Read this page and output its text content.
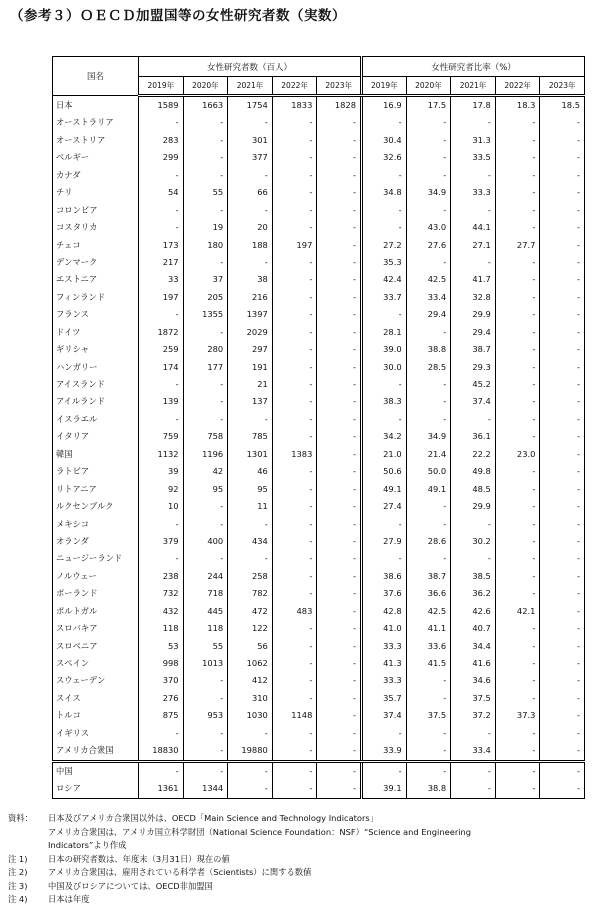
（参考３）ＯＥＣＤ加盟国等の女性研究者数（実数）
国名	女性研究者数（百人）					女性研究者比率（%）				
	2019年	2020年	2021年	2022年	2023年	2019年	2020年	2021年	2022年	2023年
日本	1589	1663	1754	1833	1828	16.9	17.5	17.8	18.3	18.5
オーストラリア	-	-	-	-	-	-	-	-	-	-
オーストリア	283	-	301	-	-	30.4	-	31.3	-	-
ベルギー	299	-	377	-	-	32.6	-	33.5	-	-
カナダ	-	-	-	-	-	-	-	-	-	-
チリ	54	55	66	-	-	34.8	34.9	33.3	-	-
コロンビア	-	-	-	-	-	-	-	-	-	-
コスタリカ	-	19	20	-	-	-	43.0	44.1	-	-
チェコ	173	180	188	197	-	27.2	27.6	27.1	27.7	-
デンマーク	217	-	-	-	-	35.3	-	-	-	-
エストニア	33	37	38	-	-	42.4	42.5	41.7	-	-
フィンランド	197	205	216	-	-	33.7	33.4	32.8	-	-
フランス	-	1355	1397	-	-	-	29.4	29.9	-	-
ドイツ	1872	-	2029	-	-	28.1	-	29.4	-	-
ギリシャ	259	280	297	-	-	39.0	38.8	38.7	-	-
ハンガリー	174	177	191	-	-	30.0	28.5	29.3	-	-
アイスランド	-	-	21	-	-	-	-	45.2	-	-
アイルランド	139	-	137	-	-	38.3	-	37.4	-	-
イスラエル	-	-	-	-	-	-	-	-	-	-
イタリア	759	758	785	-	-	34.2	34.9	36.1	-	-
韓国	1132	1196	1301	1383	-	21.0	21.4	22.2	23.0	-
ラトビア	39	42	46	-	-	50.6	50.0	49.8	-	-
リトアニア	92	95	95	-	-	49.1	49.1	48.5	-	-
ルクセンブルク	10	-	11	-	-	27.4	-	29.9	-	-
メキシコ	-	-	-	-	-	-	-	-	-	-
オランダ	379	400	434	-	-	27.9	28.6	30.2	-	-
ニュージーランド	-	-	-	-	-	-	-	-	-	-
ノルウェー	238	244	258	-	-	38.6	38.7	38.5	-	-
ポーランド	732	718	782	-	-	37.6	36.6	36.2	-	-
ポルトガル	432	445	472	483	-	42.8	42.5	42.6	42.1	-
スロバキア	118	118	122	-	-	41.0	41.1	40.7	-	-
スロベニア	53	55	56	-	-	33.3	33.6	34.4	-	-
スペイン	998	1013	1062	-	-	41.3	41.5	41.6	-	-
スウェーデン	370	-	412	-	-	33.3	-	34.6	-	-
スイス	276	-	310	-	-	35.7	-	37.5	-	-
トルコ	875	953	1030	1148	-	37.4	37.5	37.2	37.3	-
イギリス	-	-	-	-	-	-	-	-	-	-
アメリカ合衆国	18830	-	19880	-	-	33.9	-	33.4	-	-
中国	-	-	-	-	-	-	-	-	-	-
ロシア	1361	1344	-	-	-	39.1	38.8	-	-	-
資料：	日本及びアメリカ合衆国以外は、OECD「Main Science and Technology Indicators」
アメリカ合衆国は、アメリカ国立科学財団（National Science Foundation：NSF）“Science and Engineering
Indicators”より作成
注 1)	日本の研究者数は、年度末（3月31日）現在の値
注 2)	アメリカ合衆国は、雇用されている科学者（Scientists）に関する数値
注 3)	中国及びロシアについては、OECD非加盟国
注 4)	日本は年度
